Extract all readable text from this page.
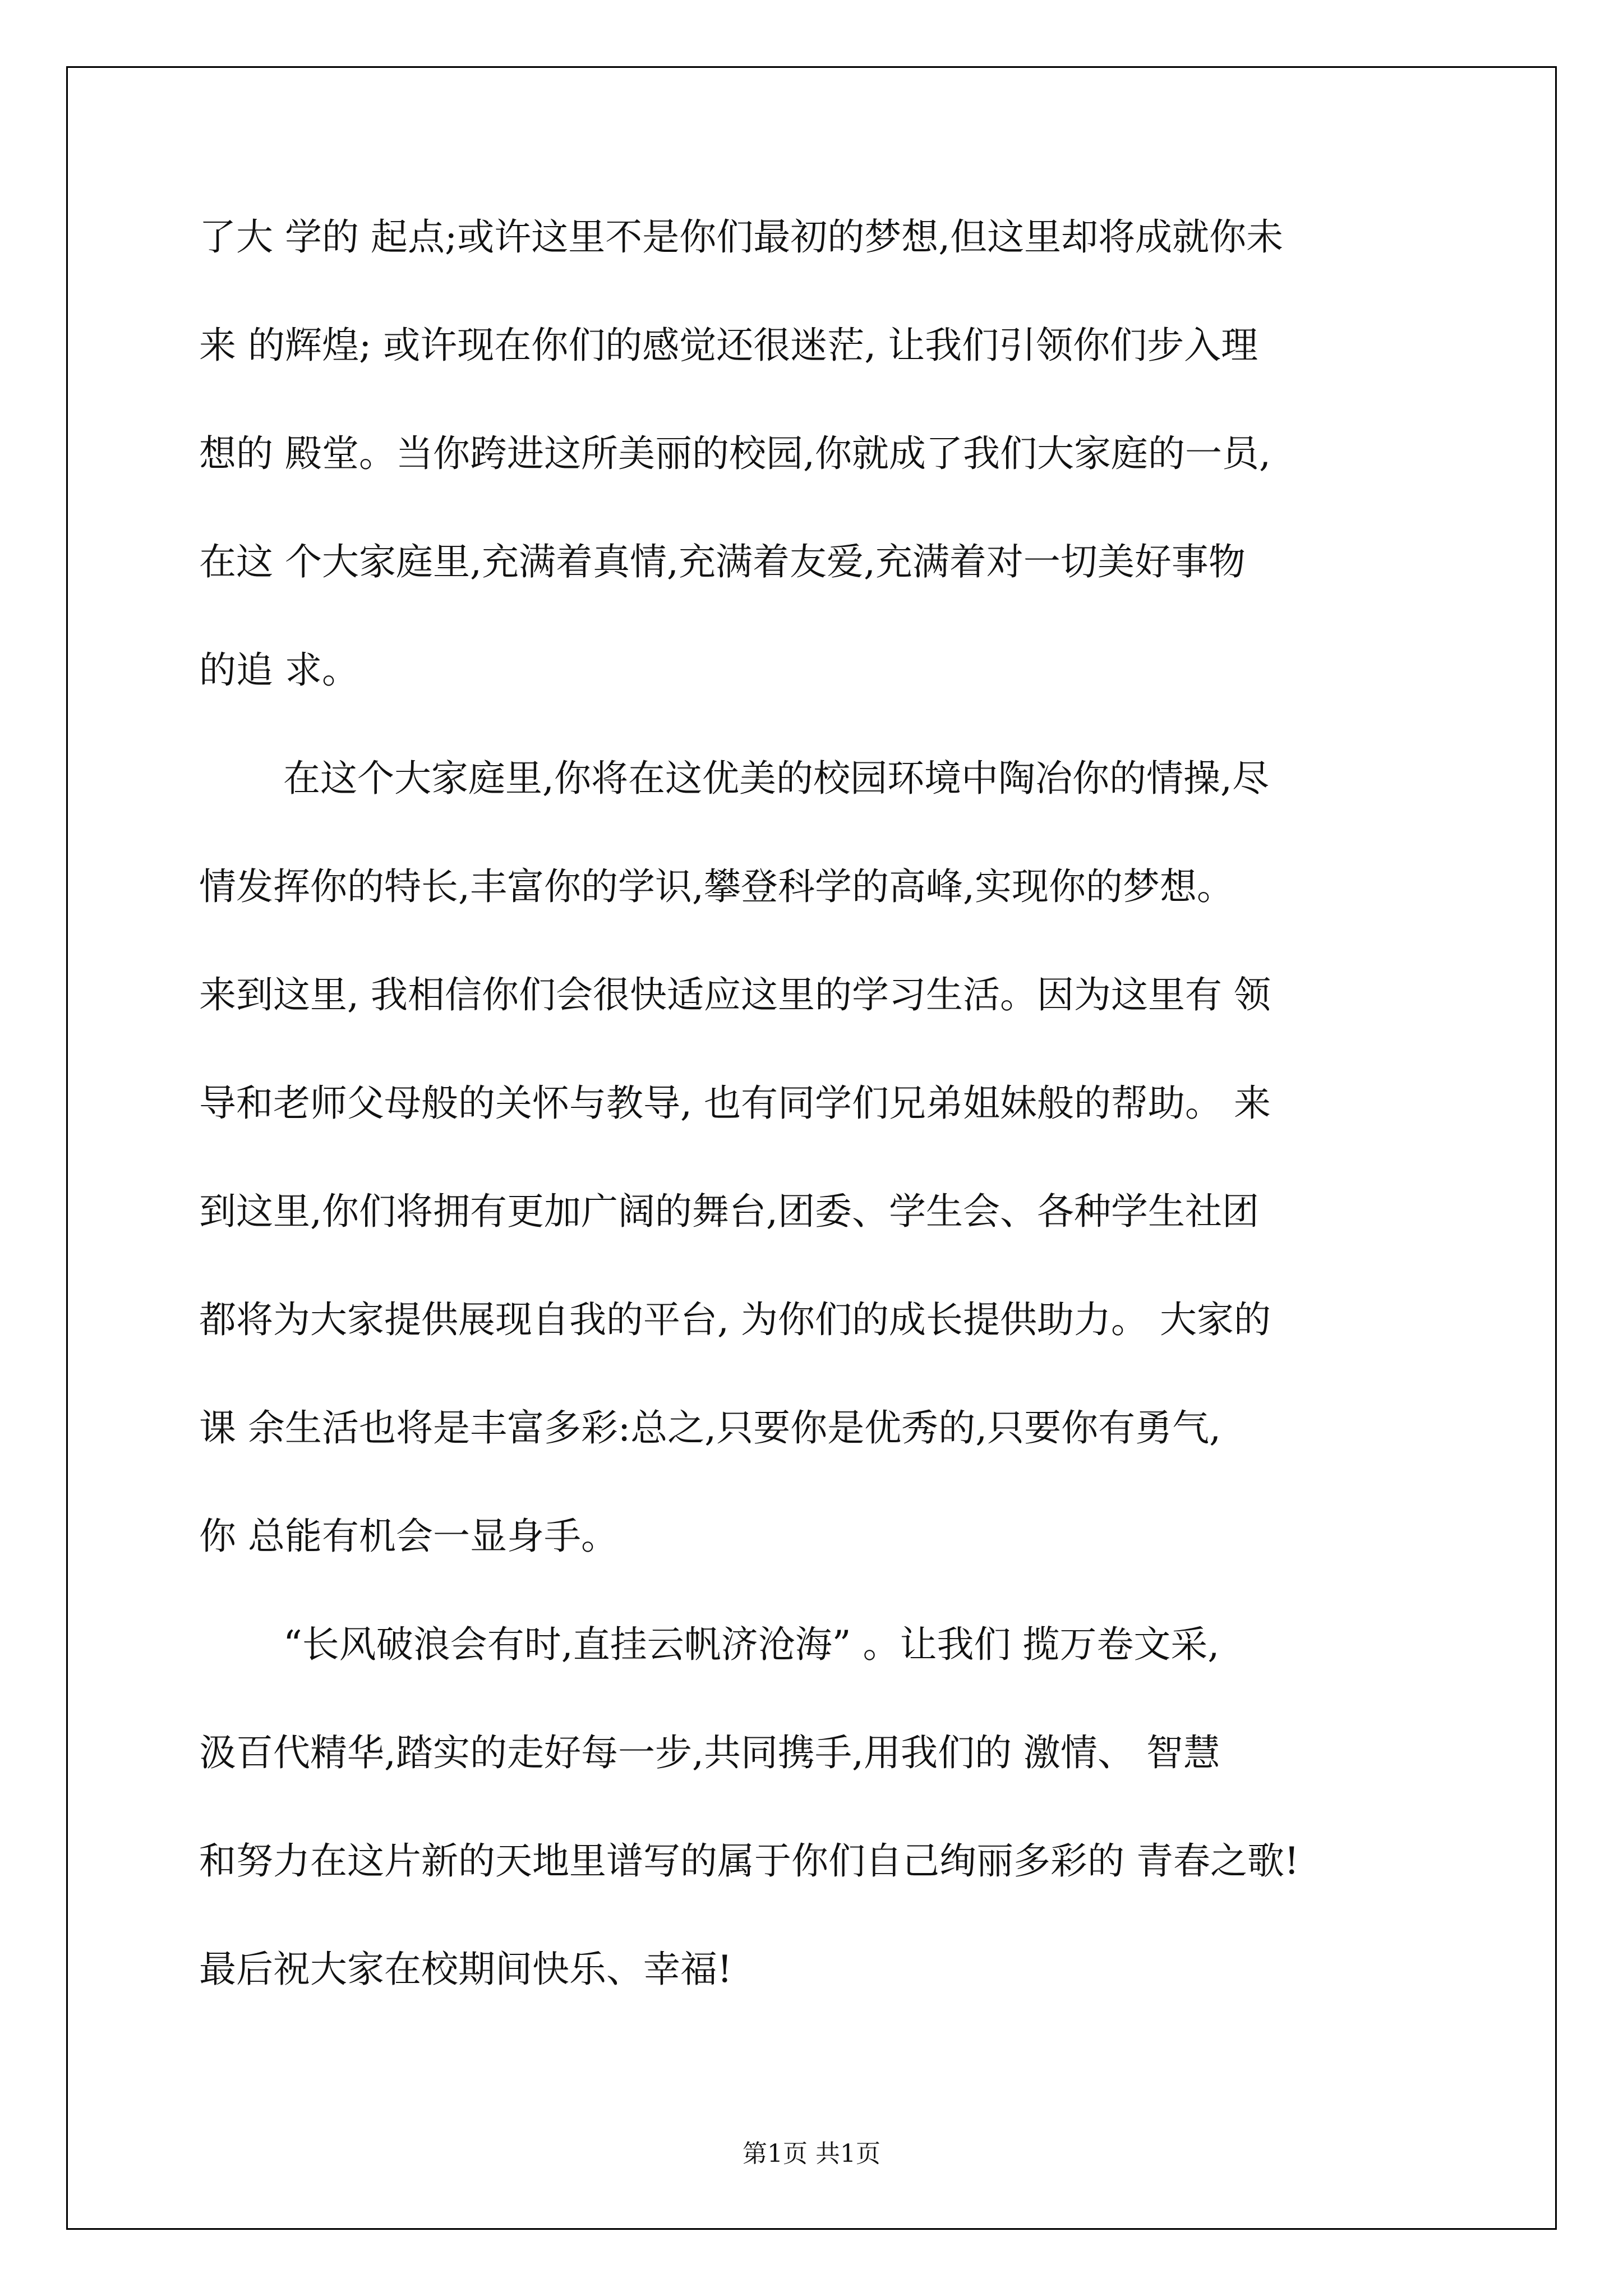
了大 学的 起点;或许这里不是你们最初的梦想,但这里却将成就你未
来 的辉煌; 或许现在你们的感觉还很迷茫, 让我们引领你们步入理
想的 殿堂。当你跨进这所美丽的校园,你就成了我们大家庭的一员,
在这 个大家庭里,充满着真情,充满着友爱,充满着对一切美好事物
的追 求。
在这个大家庭里,你将在这优美的校园环境中陶冶你的情操,尽
情发挥你的特长,丰富你的学识,攀登科学的高峰,实现你的梦想。
来到这里, 我相信你们会很快适应这里的学习生活。因为这里有 领
导和老师父母般的关怀与教导, 也有同学们兄弟姐妹般的帮助。 来
到这里,你们将拥有更加广阔的舞台,团委、学生会、各种学生社团
都将为大家提供展现自我的平台, 为你们的成长提供助力。 大家的
课 余生活也将是丰富多彩:总之,只要你是优秀的,只要你有勇气,
你 总能有机会一显身手。
“长风破浪会有时,直挂云帆济沧海” 。让我们 揽万卷文采,
汲百代精华,踏实的走好每一步,共同携手,用我们的 激情、 智慧
和努力在这片新的天地里谱写的属于你们自己绚丽多彩的 青春之歌!
最后祝大家在校期间快乐、幸福!
第1页 共1页
